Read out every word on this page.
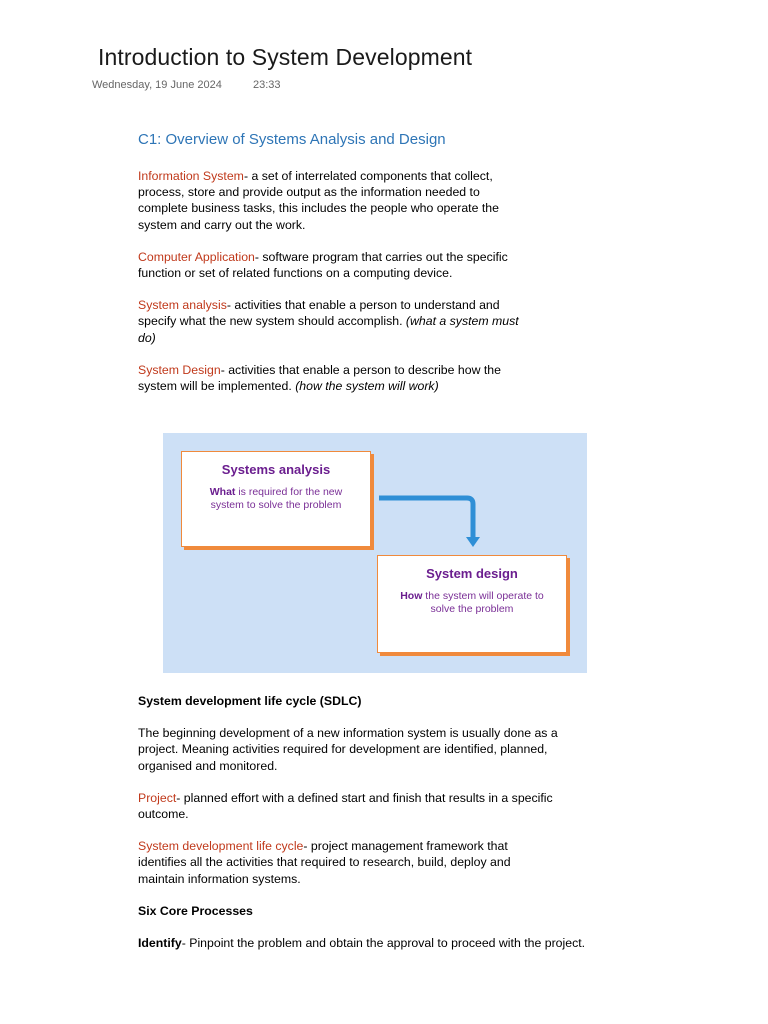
Introduction to System Development
Wednesday, 19 June 2024	23:33
C1: Overview of Systems Analysis and Design

Information System- a set of interrelated components that collect, process, store and provide output as the information needed to complete business tasks, this includes the people who operate the system and carry out the work.

Computer Application- software program that carries out the specific function or set of related functions on a computing device.

System analysis- activities that enable a person to understand and specify what the new system should accomplish. (what a system must do)

System Design- activities that enable a person to describe how the system will be implemented. (how the system will work)

Systems analysis
What is required for the new system to solve the problem
System design
How the system will operate to solve the problem

System development life cycle (SDLC)

The beginning development of a new information system is usually done as a project. Meaning activities required for development are identified, planned, organised and monitored.

Project- planned effort with a defined start and finish that results in a specific outcome.

System development life cycle- project management framework that identifies all the activities that required to research, build, deploy and maintain information systems.

Six Core Processes

Identify- Pinpoint the problem and obtain the approval to proceed with the project.
